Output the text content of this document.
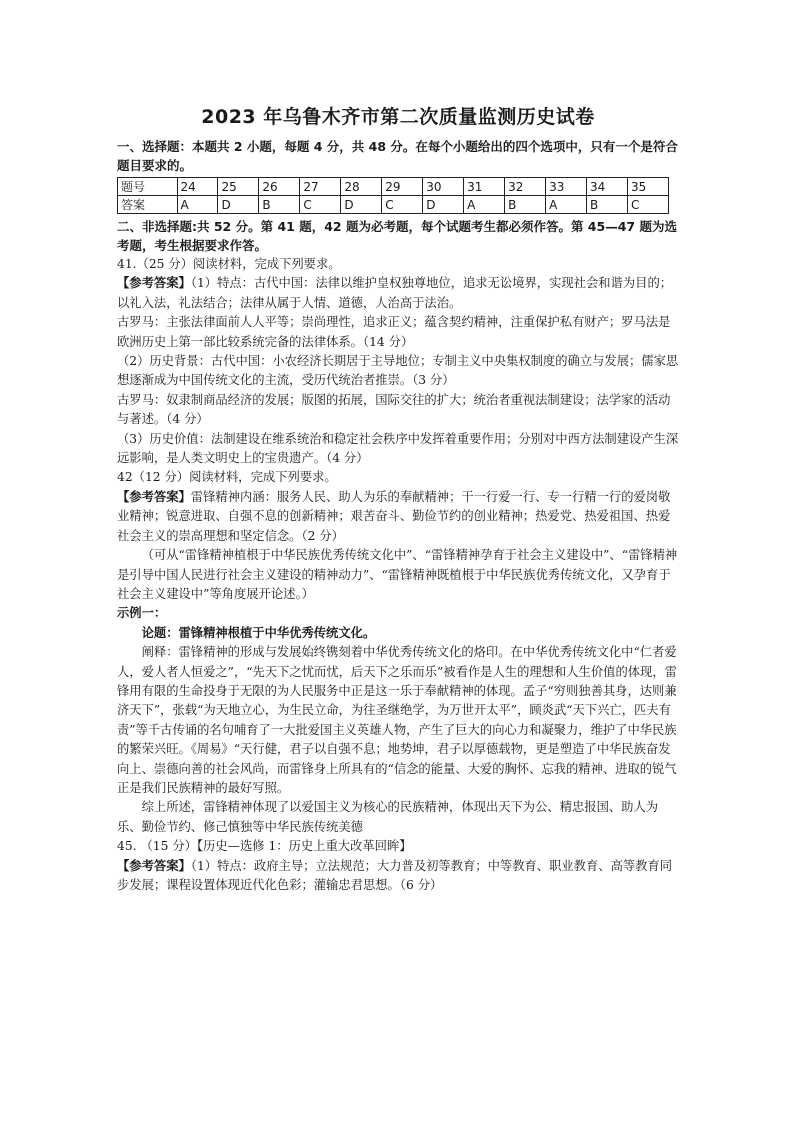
2023 年乌鲁木齐市第二次质量监测历史试卷

一、选择题：本题共 2 小题，每题 4 分，共 48 分。在每个小题给出的四个选项中，只有一个是符合题目要求的。

题号	24	25	26	27	28	29	30	31	32	33	34	35
答案	A	D	B	C	D	C	D	A	B	A	B	C

二、非选择题:共 52 分。第 41 题，42 题为必考题，每个试题考生都必须作答。第 45—47 题为选考题，考生根据要求作答。

41.（25 分）阅读材料，完成下列要求。

【参考答案】（1）特点：古代中国：法律以维护皇权独尊地位，追求无讼境界，实现社会和谐为目的；以礼入法，礼法结合；法律从属于人情、道德，人治高于法治。

古罗马：主张法律面前人人平等；崇尚理性，追求正义；蕴含契约精神，注重保护私有财产；罗马法是欧洲历史上第一部比较系统完备的法律体系。（14 分）

（2）历史背景：古代中国：小农经济长期居于主导地位；专制主义中央集权制度的确立与发展；儒家思想逐渐成为中国传统文化的主流，受历代统治者推崇。（3 分）

古罗马：奴隶制商品经济的发展；版图的拓展，国际交往的扩大；统治者重视法制建设；法学家的活动与著述。（4 分）

（3）历史价值：法制建设在维系统治和稳定社会秩序中发挥着重要作用；分别对中西方法制建设产生深远影响，是人类文明史上的宝贵遗产。（4 分）

42（12 分）阅读材料，完成下列要求。

【参考答案】雷锋精神内涵：服务人民、助人为乐的奉献精神；干一行爱一行、专一行精一行的爱岗敬业精神；锐意进取、自强不息的创新精神；艰苦奋斗、勤俭节约的创业精神；热爱党、热爱祖国、热爱社会主义的崇高理想和坚定信念。（2 分）

（可从“雷锋精神植根于中华民族优秀传统文化中”、“雷锋精神孕育于社会主义建设中”、“雷锋精神是引导中国人民进行社会主义建设的精神动力”、“雷锋精神既植根于中华民族优秀传统文化，又孕育于社会主义建设中”等角度展开论述。）

示例一：

论题：雷锋精神根植于中华优秀传统文化。

阐释：雷锋精神的形成与发展始终镌刻着中华优秀传统文化的烙印。在中华优秀传统文化中“仁者爱人，爱人者人恒爱之”，“先天下之忧而忧，后天下之乐而乐”被看作是人生的理想和人生价值的体现，雷锋用有限的生命投身于无限的为人民服务中正是这一乐于奉献精神的体现。孟子“穷则独善其身，达则兼济天下”，张载“为天地立心，为生民立命，为往圣继绝学，为万世开太平”，顾炎武“天下兴亡，匹夫有责”等千古传诵的名句哺育了一大批爱国主义英雄人物，产生了巨大的向心力和凝聚力，维护了中华民族的繁荣兴旺。《周易》“天行健，君子以自强不息；地势坤，君子以厚德载物，更是塑造了中华民族奋发向上、崇德向善的社会风尚，而雷锋身上所具有的“信念的能量、大爱的胸怀、忘我的精神、进取的锐气正是我们民族精神的最好写照。

综上所述，雷锋精神体现了以爱国主义为核心的民族精神，体现出天下为公、精忠报国、助人为乐、勤俭节约、修己慎独等中华民族传统美德

45. （15 分）【历史—选修 1：历史上重大改革回眸】

【参考答案】（1）特点：政府主导；立法规范；大力普及初等教育；中等教育、职业教育、高等教育同步发展；课程设置体现近代化色彩；灌输忠君思想。（6 分）
